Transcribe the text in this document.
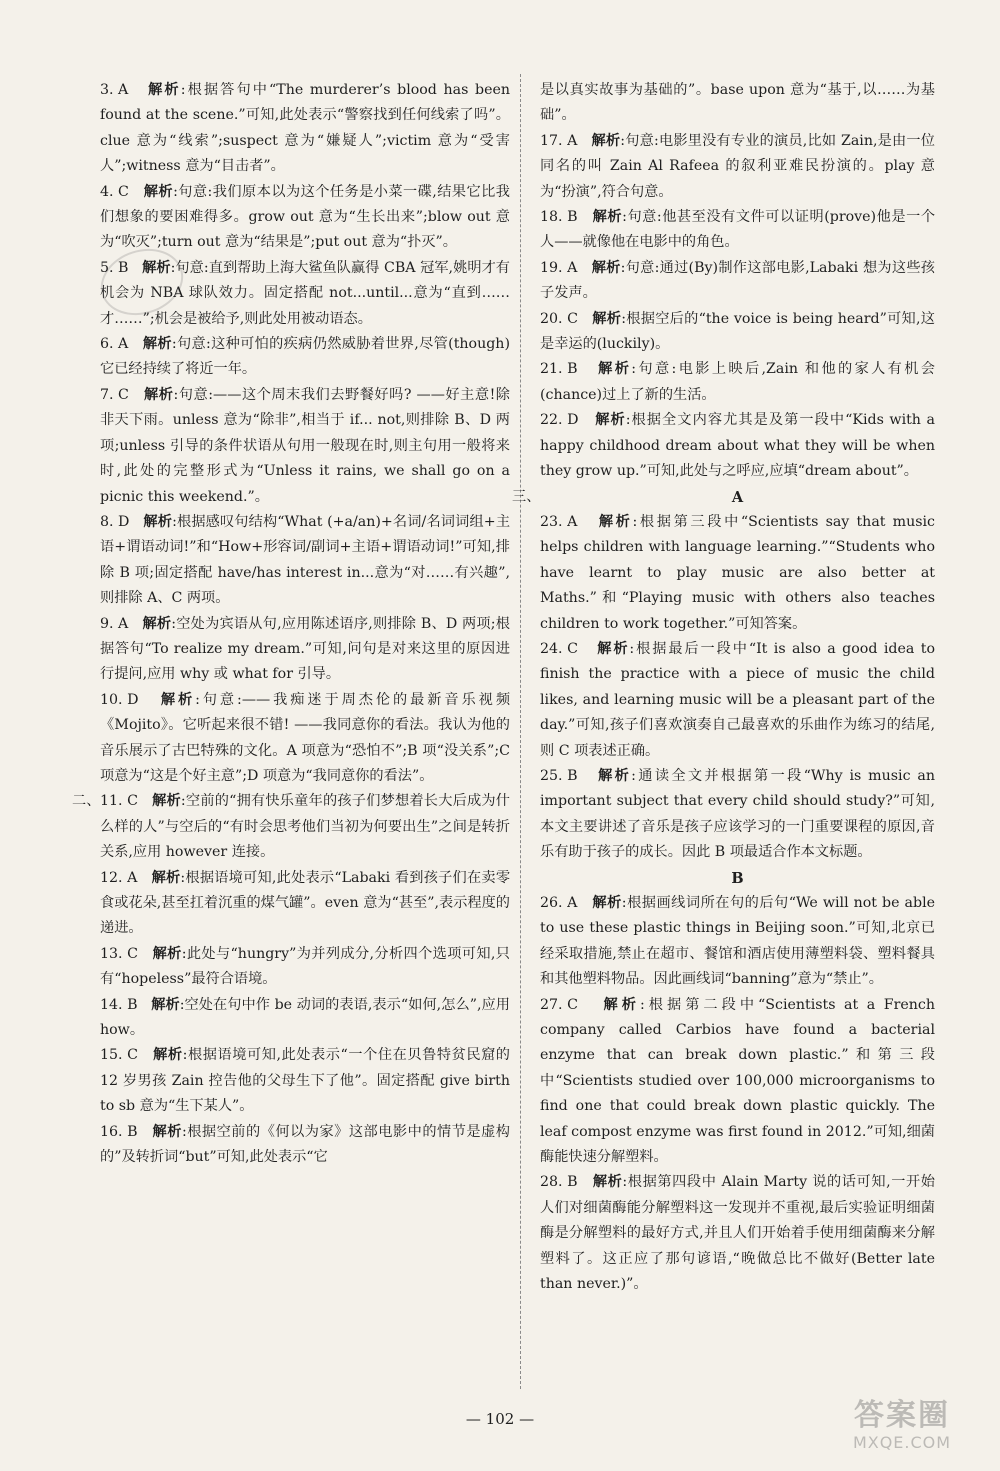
3. A 解析:根据答句中“The murderer’s blood has been found at the scene.”可知,此处表示“警察找到任何线索了吗”。clue 意为“线索”;suspect 意为“嫌疑人”;victim 意为“受害人”;witness 意为“目击者”。
4. C 解析:句意:我们原本以为这个任务是小菜一碟,结果它比我们想象的要困难得多。grow out 意为“生长出来”;blow out 意为“吹灭”;turn out 意为“结果是”;put out 意为“扑灭”。
5. B 解析:句意:直到帮助上海大鲨鱼队赢得 CBA 冠军,姚明才有机会为 NBA 球队效力。固定搭配 not...until...意为“直到……才……”;机会是被给予,则此处用被动语态。
6. A 解析:句意:这种可怕的疾病仍然威胁着世界,尽管(though)它已经持续了将近一年。
7. C 解析:句意:——这个周末我们去野餐好吗? ——好主意!除非天下雨。unless 意为“除非”,相当于 if... not,则排除 B、D 两项;unless 引导的条件状语从句用一般现在时,则主句用一般将来时,此处的完整形式为“Unless it rains, we shall go on a picnic this weekend.”。
8. D 解析:根据感叹句结构“What (+a/an)+名词/名词词组+主语+谓语动词!”和“How+形容词/副词+主语+谓语动词!”可知,排除 B 项;固定搭配 have/has interest in...意为“对……有兴趣”,则排除 A、C 两项。
9. A 解析:空处为宾语从句,应用陈述语序,则排除 B、D 两项;根据答句“To realize my dream.”可知,问句是对来这里的原因进行提问,应用 why 或 what for 引导。
10. D 解析:句意:——我痴迷于周杰伦的最新音乐视频《Mojito》。它听起来很不错! ——我同意你的看法。我认为他的音乐展示了古巴特殊的文化。A 项意为“恐怕不”;B 项“没关系”;C 项意为“这是个好主意”;D 项意为“我同意你的看法”。
二、 11. C 解析:空前的“拥有快乐童年的孩子们梦想着长大后成为什么样的人”与空后的“有时会思考他们当初为何要出生”之间是转折关系,应用 however 连接。
12. A 解析:根据语境可知,此处表示“Labaki 看到孩子们在卖零食或花朵,甚至扛着沉重的煤气罐”。even 意为“甚至”,表示程度的递进。
13. C 解析:此处与“hungry”为并列成分,分析四个选项可知,只有“hopeless”最符合语境。
14. B 解析:空处在句中作 be 动词的表语,表示“如何,怎么”,应用 how。
15. C 解析:根据语境可知,此处表示“一个住在贝鲁特贫民窟的 12 岁男孩 Zain 控告他的父母生下了他”。固定搭配 give birth to sb 意为“生下某人”。
16. B 解析:根据空前的《何以为家》这部电影中的情节是虚构的”及转折词“but”可知,此处表示“它
是以真实故事为基础的”。base upon 意为“基于,以……为基础”。
17. A 解析:句意:电影里没有专业的演员,比如 Zain,是由一位同名的叫 Zain Al Rafeea 的叙利亚难民扮演的。play 意为“扮演”,符合句意。
18. B 解析:句意:他甚至没有文件可以证明(prove)他是一个人——就像他在电影中的角色。
19. A 解析:句意:通过(By)制作这部电影,Labaki 想为这些孩子发声。
20. C 解析:根据空后的“the voice is being heard”可知,这是幸运的(luckily)。
21. B 解析:句意:电影上映后,Zain 和他的家人有机会(chance)过上了新的生活。
22. D 解析:根据全文内容尤其是及第一段中“Kids with a happy childhood dream about what they will be when they grow up.”可知,此处与之呼应,应填“dream about”。
三、	A
23. A 解析:根据第三段中“Scientists say that music helps children with language learning.”“Students who have learnt to play music are also better at Maths.”和“Playing music with others also teaches children to work together.”可知答案。
24. C 解析:根据最后一段中“It is also a good idea to finish the practice with a piece of music the child likes, and learning music will be a pleasant part of the day.”可知,孩子们喜欢演奏自己最喜欢的乐曲作为练习的结尾,则 C 项表述正确。
25. B 解析:通读全文并根据第一段“Why is music an important subject that every child should study?”可知,本文主要讲述了音乐是孩子应该学习的一门重要课程的原因,音乐有助于孩子的成长。因此 B 项最适合作本文标题。
B
26. A 解析:根据画线词所在句的后句“We will not be able to use these plastic things in Beijing soon.”可知,北京已经采取措施,禁止在超市、餐馆和酒店使用薄塑料袋、塑料餐具和其他塑料物品。因此画线词“banning”意为“禁止”。
27. C 解析:根据第二段中“Scientists at a French company called Carbios have found a bacterial enzyme that can break down plastic.”和第三段中“Scientists studied over 100,000 microorganisms to find one that could break down plastic quickly. The leaf compost enzyme was first found in 2012.”可知,细菌酶能快速分解塑料。
28. B 解析:根据第四段中 Alain Marty 说的话可知,一开始人们对细菌酶能分解塑料这一发现并不重视,最后实验证明细菌酶是分解塑料的最好方式,并且人们开始着手使用细菌酶来分解塑料了。这正应了那句谚语,“晚做总比不做好(Better late than never.)”。
— 102 —	答案圈
MXQE.COM
